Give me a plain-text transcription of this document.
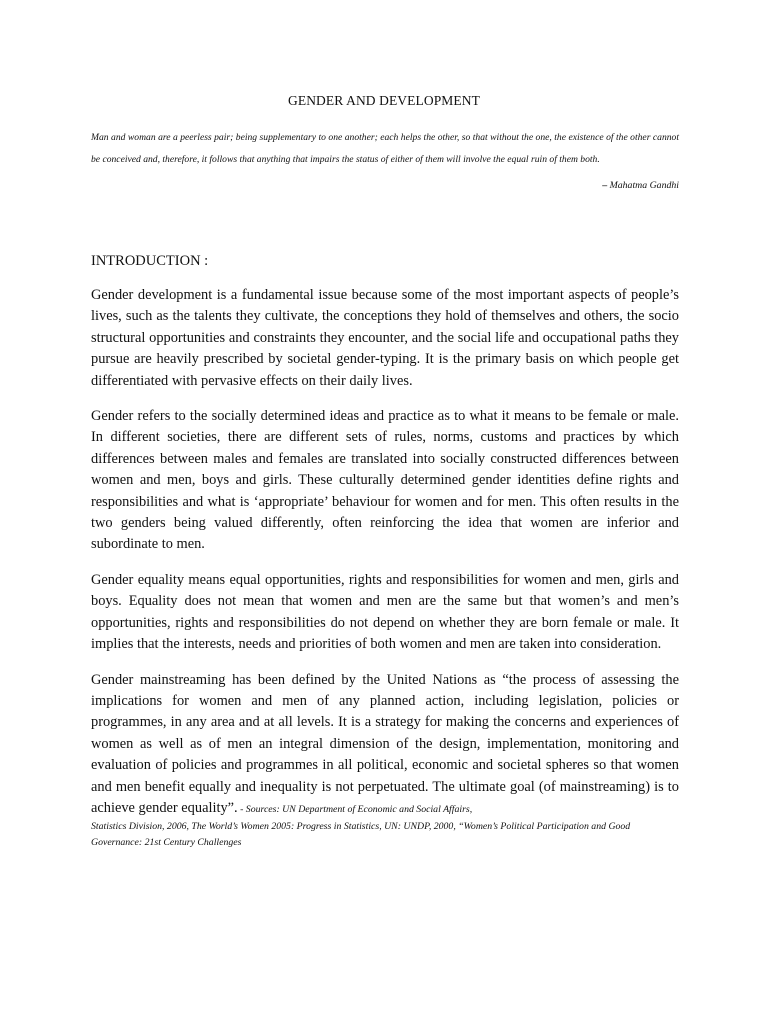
GENDER AND DEVELOPMENT
Man and woman are a peerless pair; being supplementary to one another; each helps the other, so that without the one, the existence of the other cannot be conceived and, therefore, it follows that anything that impairs the status of either of them will involve the equal ruin of them both.
– Mahatma Gandhi
INTRODUCTION :

Gender development is a fundamental issue because some of the most important aspects of people’s lives, such as the talents they cultivate, the conceptions they hold of themselves and others, the socio structural opportunities and constraints they encounter, and the social life and occupational paths they pursue are heavily prescribed by societal gender-typing. It is the primary basis on which people get differentiated with pervasive effects on their daily lives.

Gender refers to the socially determined ideas and practice as to what it means to be female or male. In different societies, there are different sets of rules, norms, customs and practices by which differences between males and females are translated into socially constructed differences between women and men, boys and girls. These culturally determined gender identities define rights and responsibilities and what is ‘appropriate’ behaviour for women and for men. This often results in the two genders being valued differently, often reinforcing the idea that women are inferior and subordinate to men.

Gender equality means equal opportunities, rights and responsibilities for women and men, girls and boys. Equality does not mean that women and men are the same but that women’s and men’s opportunities, rights and responsibilities do not depend on whether they are born female or male. It implies that the interests, needs and priorities of both women and men are taken into consideration.

Gender mainstreaming has been defined by the United Nations as “the process of assessing the implications for women and men of any planned action, including legislation, policies or programmes, in any area and at all levels. It is a strategy for making the concerns and experiences of women as well as of men an integral dimension of the design, implementation, monitoring and evaluation of policies and programmes in all political, economic and societal spheres so that women and men benefit equally and inequality is not perpetuated. The ultimate goal (of mainstreaming) is to achieve gender equality”. - Sources: UN Department of Economic and Social Affairs,

Statistics Division, 2006, The World’s Women 2005: Progress in Statistics, UN: UNDP, 2000, “Women’s Political Participation and Good

Governance: 21st Century Challenges
